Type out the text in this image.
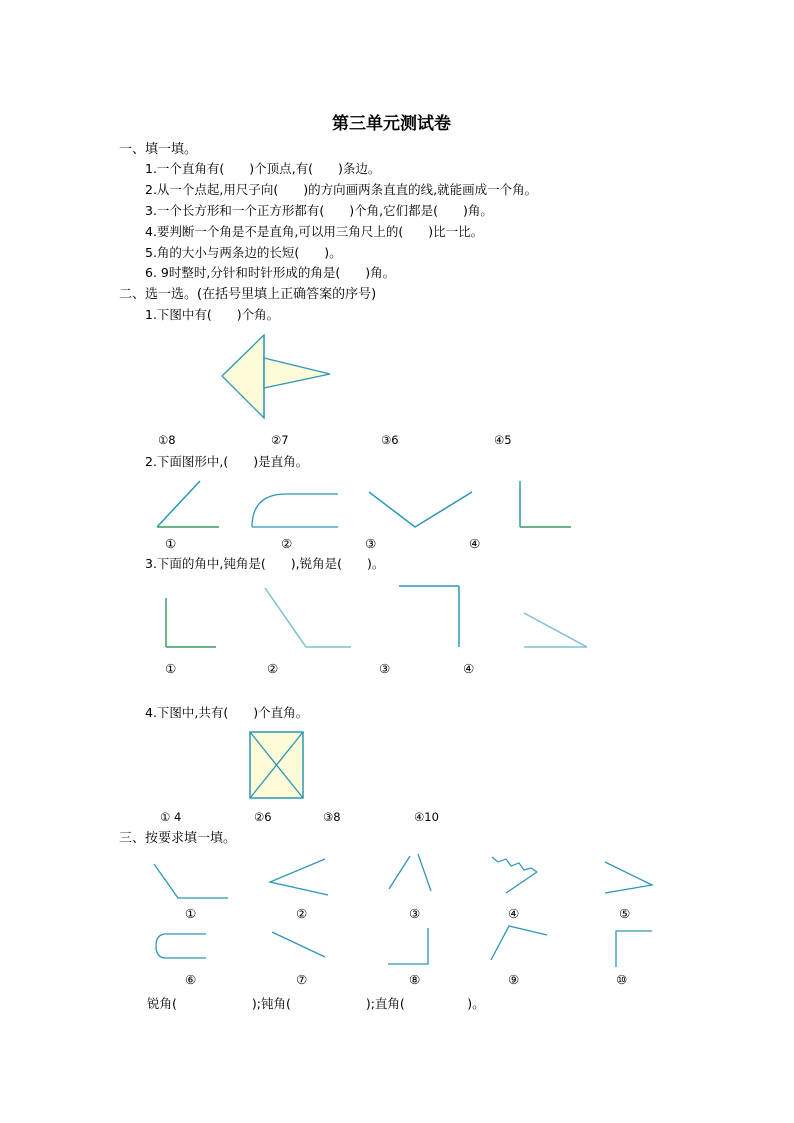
第三单元测试卷
一、填一填。
1.一个直角有(　　)个顶点,有(　　)条边。
2.从一个点起,用尺子向(　　)的方向画两条直直的线,就能画成一个角。
3.一个长方形和一个正方形都有(　　)个角,它们都是(　　)角。
4.要判断一个角是不是直角,可以用三角尺上的(　　)比一比。
5.角的大小与两条边的长短(　　)。
6. 9时整时,分针和时针形成的角是(　　)角。
二、选一选。(在括号里填上正确答案的序号)
1.下图中有(　　)个角。
①8	②7	③6	④5
2.下面图形中,(　　)是直角。
①	②	③	④
3.下面的角中,钝角是(　　),锐角是(　　)。
①	②	③	④
4.下图中,共有(　　)个直角。
① 4	②6	③8	④10
三、按要求填一填。
①	②	③	④	⑤
⑥	⑦	⑧	⑨	⑩
锐角(　　　　　　);钝角(　　　　　　);直角(　　　　　)。
